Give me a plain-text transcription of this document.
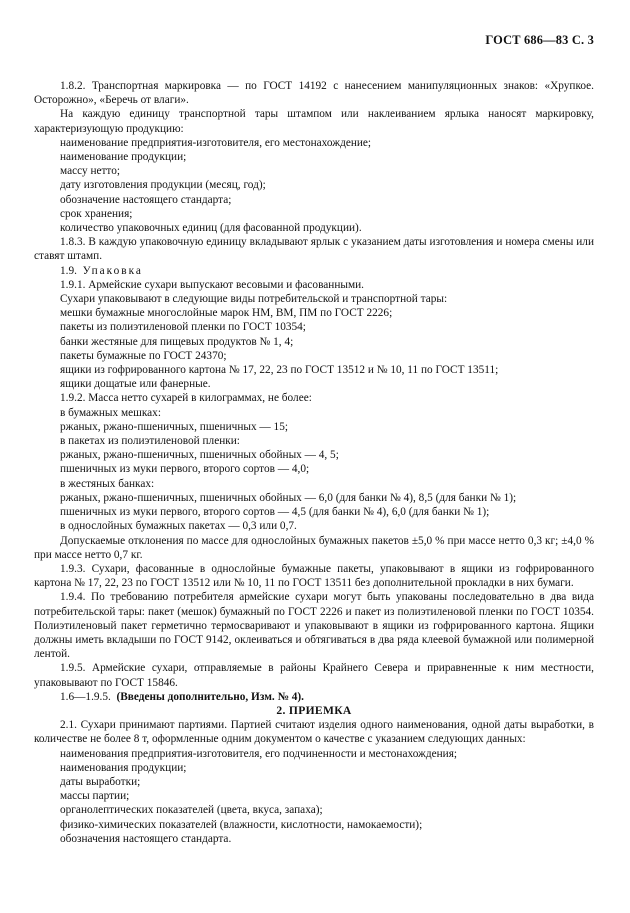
ГОСТ 686—83 С. 3

1.8.2. Транспортная маркировка — по ГОСТ 14192 с нанесением манипуляционных знаков: «Хрупкое. Осторожно», «Беречь от влаги».

На каждую единицу транспортной тары штампом или наклеиванием ярлыка наносят маркировку, характеризующую продукцию:

наименование предприятия-изготовителя, его местонахождение;

наименование продукции;

массу нетто;

дату изготовления продукции (месяц, год);

обозначение настоящего стандарта;

срок хранения;

количество упаковочных единиц (для фасованной продукции).

1.8.3. В каждую упаковочную единицу вкладывают ярлык с указанием даты изготовления и номера смены или ставят штамп.

1.9. Упаковка

1.9.1. Армейские сухари выпускают весовыми и фасованными.

Сухари упаковывают в следующие виды потребительской и транспортной тары:

мешки бумажные многослойные марок НМ, ВМ, ПМ по ГОСТ 2226;

пакеты из полиэтиленовой пленки по ГОСТ 10354;

банки жестяные для пищевых продуктов № 1, 4;

пакеты бумажные по ГОСТ 24370;

ящики из гофрированного картона № 17, 22, 23 по ГОСТ 13512 и № 10, 11 по ГОСТ 13511;

ящики дощатые или фанерные.

1.9.2. Масса нетто сухарей в килограммах, не более:

в бумажных мешках:

ржаных, ржано-пшеничных, пшеничных — 15;

в пакетах из полиэтиленовой пленки:

ржаных, ржано-пшеничных, пшеничных обойных — 4, 5;

пшеничных из муки первого, второго сортов — 4,0;

в жестяных банках:

ржаных, ржано-пшеничных, пшеничных обойных — 6,0 (для банки № 4), 8,5 (для банки № 1);

пшеничных из муки первого, второго сортов — 4,5 (для банки № 4), 6,0 (для банки № 1);

в однослойных бумажных пакетах — 0,3 или 0,7.

Допускаемые отклонения по массе для однослойных бумажных пакетов ±5,0 % при массе нетто 0,3 кг; ±4,0 % при массе нетто 0,7 кг.

1.9.3. Сухари, фасованные в однослойные бумажные пакеты, упаковывают в ящики из гофрированного картона № 17, 22, 23 по ГОСТ 13512 или № 10, 11 по ГОСТ 13511 без дополнительной прокладки в них бумаги.

1.9.4. По требованию потребителя армейские сухари могут быть упакованы последовательно в два вида потребительской тары: пакет (мешок) бумажный по ГОСТ 2226 и пакет из полиэтиленовой пленки по ГОСТ 10354. Полиэтиленовый пакет герметично термосваривают и упаковывают в ящики из гофрированного картона. Ящики должны иметь вкладыши по ГОСТ 9142, оклеиваться и обтягиваться в два ряда клеевой бумажной или полимерной лентой.

1.9.5. Армейские сухари, отправляемые в районы Крайнего Севера и приравненные к ним местности, упаковывают по ГОСТ 15846.

1.6—1.9.5. (Введены дополнительно, Изм. № 4).

2. ПРИЕМКА

2.1. Сухари принимают партиями. Партией считают изделия одного наименования, одной даты выработки, в количестве не более 8 т, оформленные одним документом о качестве с указанием следующих данных:

наименования предприятия-изготовителя, его подчиненности и местонахождения;

наименования продукции;

даты выработки;

массы партии;

органолептических показателей (цвета, вкуса, запаха);

физико-химических показателей (влажности, кислотности, намокаемости);

обозначения настоящего стандарта.
